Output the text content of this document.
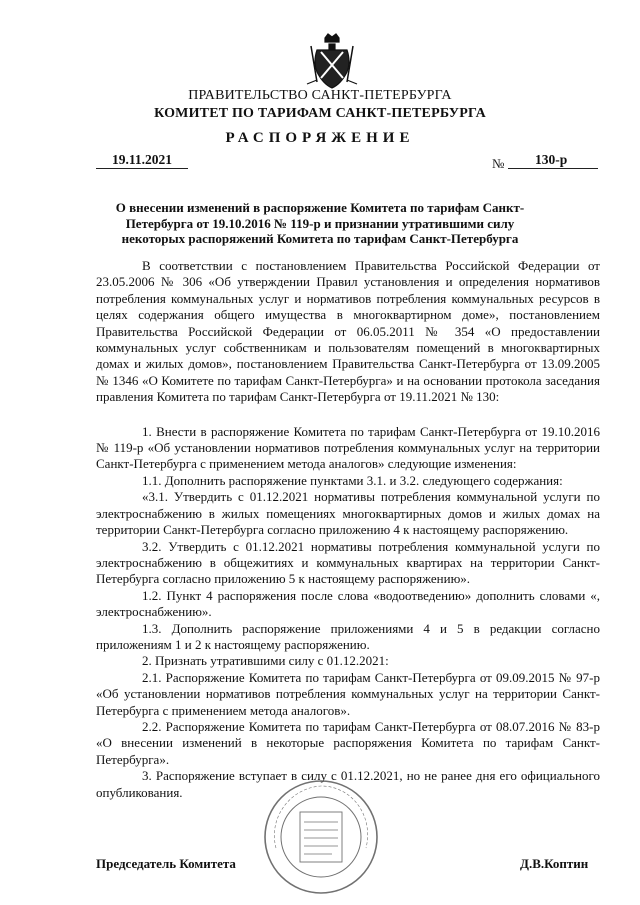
ПРАВИТЕЛЬСТВО САНКТ-ПЕТЕРБУРГА
КОМИТЕТ ПО ТАРИФАМ САНКТ-ПЕТЕРБУРГА
РАСПОРЯЖЕНИЕ
19.11.2021	№ 130-р
О внесении изменений в распоряжение Комитета по тарифам Санкт-Петербурга от 19.10.2016 № 119-р и признании утратившими силу некоторых распоряжений Комитета по тарифам Санкт-Петербурга

В соответствии с постановлением Правительства Российской Федерации от 23.05.2006 № 306 «Об утверждении Правил установления и определения нормативов потребления коммунальных услуг и нормативов потребления коммунальных ресурсов в целях содержания общего имущества в многоквартирном доме», постановлением Правительства Российской Федерации от 06.05.2011 № 354 «О предоставлении коммунальных услуг собственникам и пользователям помещений в многоквартирных домах и жилых домов», постановлением Правительства Санкт-Петербурга от 13.09.2005 № 1346 «О Комитете по тарифам Санкт-Петербурга» и на основании протокола заседания правления Комитета по тарифам Санкт-Петербурга от 19.11.2021 № 130:

1. Внести в распоряжение Комитета по тарифам Санкт-Петербурга от 19.10.2016 № 119-р «Об установлении нормативов потребления коммунальных услуг на территории Санкт-Петербурга с применением метода аналогов» следующие изменения:

1.1. Дополнить распоряжение пунктами 3.1. и 3.2. следующего содержания:

«3.1. Утвердить с 01.12.2021 нормативы потребления коммунальной услуги по электроснабжению в жилых помещениях многоквартирных домов и жилых домах на территории Санкт-Петербурга согласно приложению 4 к настоящему распоряжению.

3.2. Утвердить с 01.12.2021 нормативы потребления коммунальной услуги по электроснабжению в общежитиях и коммунальных квартирах на территории Санкт-Петербурга согласно приложению 5 к настоящему распоряжению».

1.2. Пункт 4 распоряжения после слова «водоотведению» дополнить словами «, электроснабжению».

1.3. Дополнить распоряжение приложениями 4 и 5 в редакции согласно приложениям 1 и 2 к настоящему распоряжению.

2. Признать утратившими силу с 01.12.2021:

2.1. Распоряжение Комитета по тарифам Санкт-Петербурга от 09.09.2015 № 97-р «Об установлении нормативов потребления коммунальных услуг на территории Санкт-Петербурга с применением метода аналогов».

2.2. Распоряжение Комитета по тарифам Санкт-Петербурга от 08.07.2016 № 83-р «О внесении изменений в некоторые распоряжения Комитета по тарифам Санкт-Петербурга».

3. Распоряжение вступает в силу с 01.12.2021, но не ранее дня его официального опубликования.

Председатель Комитета	Д.В.Коптин
